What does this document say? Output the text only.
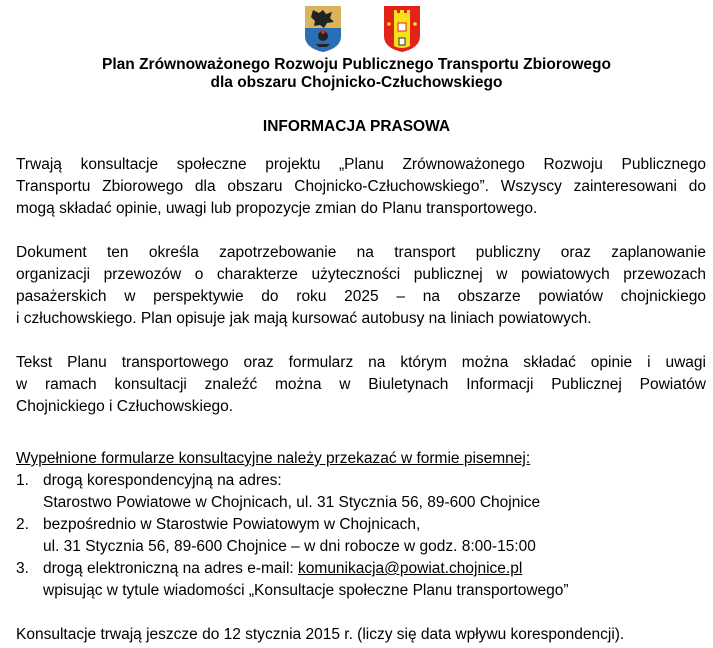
Plan Zrównoważonego Rozwoju Publicznego Transportu Zbiorowego
dla obszaru Chojnicko-Człuchowskiego
INFORMACJA PRASOWA
Trwają konsultacje społeczne projektu „Planu Zrównoważonego Rozwoju Publicznego
Transportu Zbiorowego dla obszaru Chojnicko-Człuchowskiego”. Wszyscy zainteresowani do
mogą składać opinie, uwagi lub propozycje zmian do Planu transportowego.
Dokument ten określa zapotrzebowanie na transport publiczny oraz zaplanowanie
organizacji przewozów o charakterze użyteczności publicznej w powiatowych przewozach
pasażerskich w perspektywie do roku 2025 – na obszarze powiatów chojnickiego
i człuchowskiego. Plan opisuje jak mają kursować autobusy na liniach powiatowych.
Tekst Planu transportowego oraz formularz na którym można składać opinie i uwagi
w ramach konsultacji znaleźć można w Biuletynach Informacji Publicznej Powiatów
Chojnickiego i Człuchowskiego.
Wypełnione formularze konsultacyjne należy przekazać w formie pisemnej:
1. drogą korespondencyjną na adres:
Starostwo Powiatowe w Chojnicach, ul. 31 Stycznia 56, 89-600 Chojnice
2. bezpośrednio w Starostwie Powiatowym w Chojnicach,
ul. 31 Stycznia 56, 89-600 Chojnice – w dni robocze w godz. 8:00-15:00
3. drogą elektroniczną na adres e-mail: komunikacja@powiat.chojnice.pl
wpisując w tytule wiadomości „Konsultacje społeczne Planu transportowego”
Konsultacje trwają jeszcze do 12 stycznia 2015 r. (liczy się data wpływu korespondencji).
